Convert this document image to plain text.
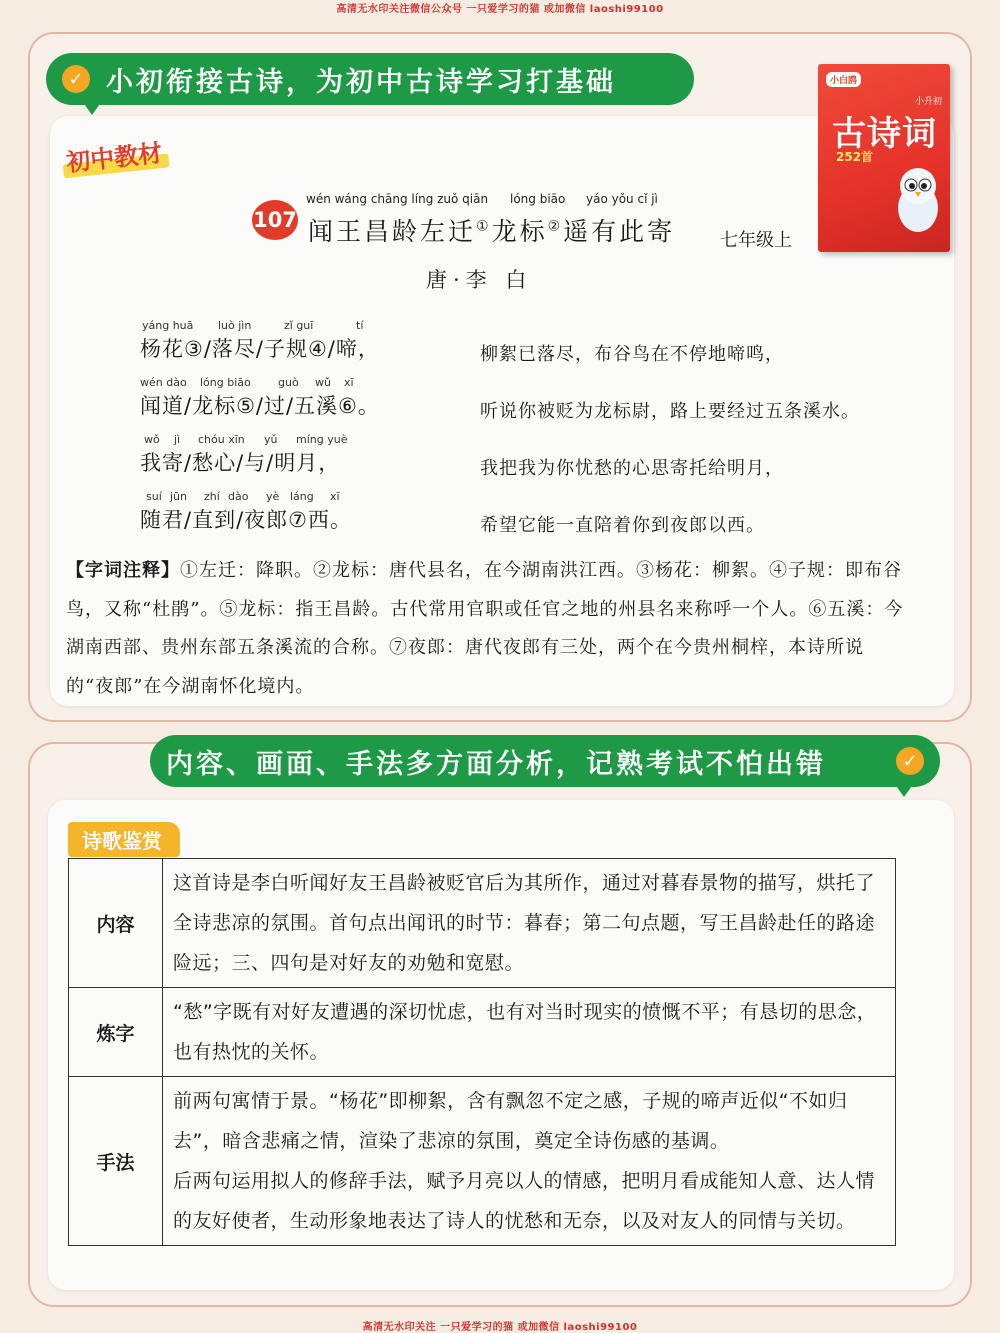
高清无水印关注微信公众号 一只爱学习的猫 或加微信 laoshi99100
✓ 小初衔接古诗，为初中古诗学习打基础	小白鸥
小升初
古诗词
252首
初中教材
107
wén wáng chāng líng zuǒ qiān lóng biāo yáo yǒu cǐ jì
闻王昌龄左迁①龙标②遥有此寄 七年级上
唐·李 白
yáng huā luò jìn	zǐ guī	tí
杨花③/落尽/子规④/啼，	柳絮已落尽，布谷鸟在不停地啼鸣，
wén dào lóng biāo guò wǔ xī
闻道/龙标⑤/过/五溪⑥。	听说你被贬为龙标尉，路上要经过五条溪水。
wǒ jì chóu xīn yǔ míng yuè
我寄/愁心/与/明月，	我把我为你忧愁的心思寄托给明月，
suí jūn zhí dào yè láng xī
随君/直到/夜郎⑦西。	希望它能一直陪着你到夜郎以西。
【字词注释】①左迁：降职。②龙标：唐代县名，在今湖南洪江西。③杨花：柳絮。④子规：即布谷鸟，又称“杜鹃”。⑤龙标：指王昌龄。古代常用官职或任官之地的州县名来称呼一个人。⑥五溪：今湖南西部、贵州东部五条溪流的合称。⑦夜郎：唐代夜郎有三处，两个在今贵州桐梓，本诗所说的“夜郎”在今湖南怀化境内。
内容、画面、手法多方面分析，记熟考试不怕出错	✓
诗歌鉴赏
内容	这首诗是李白听闻好友王昌龄被贬官后为其所作，通过对暮春景物的描写，烘托了全诗悲凉的氛围。首句点出闻讯的时节：暮春；第二句点题，写王昌龄赴任的路途险远；三、四句是对好友的劝勉和宽慰。
炼字	“愁”字既有对好友遭遇的深切忧虑，也有对当时现实的愤慨不平；有恳切的思念，也有热忱的关怀。
手法	前两句寓情于景。“杨花”即柳絮，含有飘忽不定之感，子规的啼声近似“不如归去”，暗含悲痛之情，渲染了悲凉的氛围，奠定全诗伤感的基调。
后两句运用拟人的修辞手法，赋予月亮以人的情感，把明月看成能知人意、达人情的友好使者，生动形象地表达了诗人的忧愁和无奈，以及对友人的同情与关切。
高清无水印关注 一只爱学习的猫 或加微信 laoshi99100
